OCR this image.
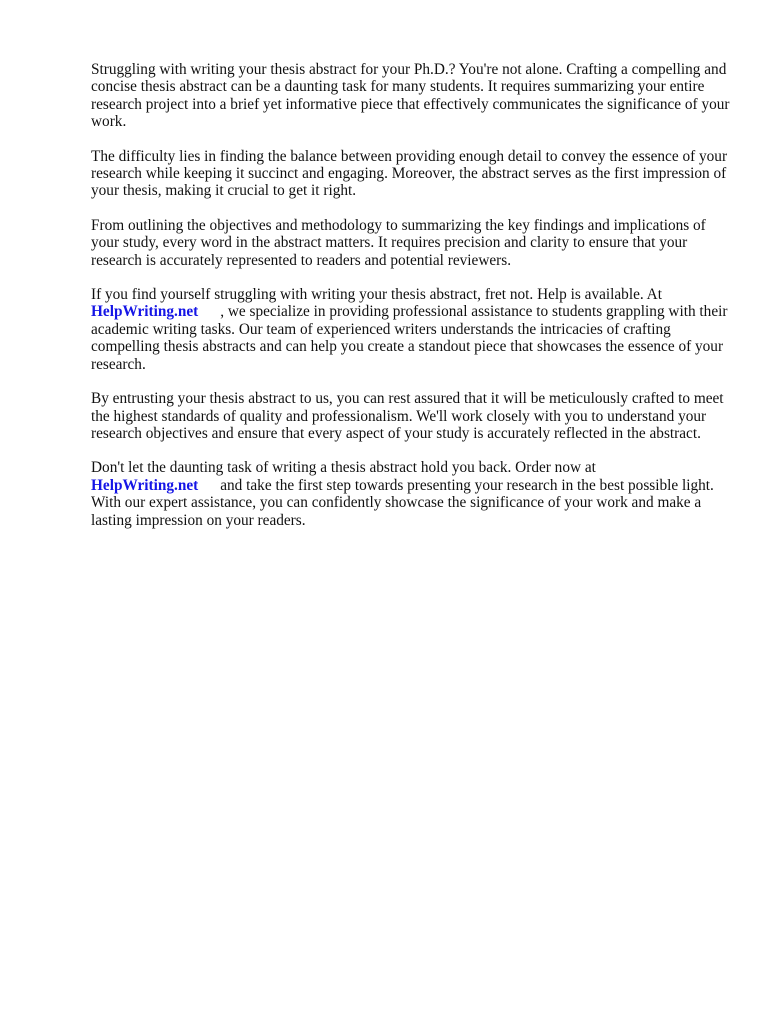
Struggling with writing your thesis abstract for your Ph.D.? You're not alone. Crafting a compelling and concise thesis abstract can be a daunting task for many students. It requires summarizing your entire research project into a brief yet informative piece that effectively communicates the significance of your work.

The difficulty lies in finding the balance between providing enough detail to convey the essence of your research while keeping it succinct and engaging. Moreover, the abstract serves as the first impression of your thesis, making it crucial to get it right.

From outlining the objectives and methodology to summarizing the key findings and implications of your study, every word in the abstract matters. It requires precision and clarity to ensure that your research is accurately represented to readers and potential reviewers.

If you find yourself struggling with writing your thesis abstract, fret not. Help is available. At
HelpWriting.net , we specialize in providing professional assistance to students grappling with their academic writing tasks. Our team of experienced writers understands the intricacies of crafting compelling thesis abstracts and can help you create a standout piece that showcases the essence of your research.

By entrusting your thesis abstract to us, you can rest assured that it will be meticulously crafted to meet the highest standards of quality and professionalism. We'll work closely with you to understand your research objectives and ensure that every aspect of your study is accurately reflected in the abstract.

Don't let the daunting task of writing a thesis abstract hold you back. Order now at
HelpWriting.net and take the first step towards presenting your research in the best possible light. With our expert assistance, you can confidently showcase the significance of your work and make a lasting impression on your readers.
